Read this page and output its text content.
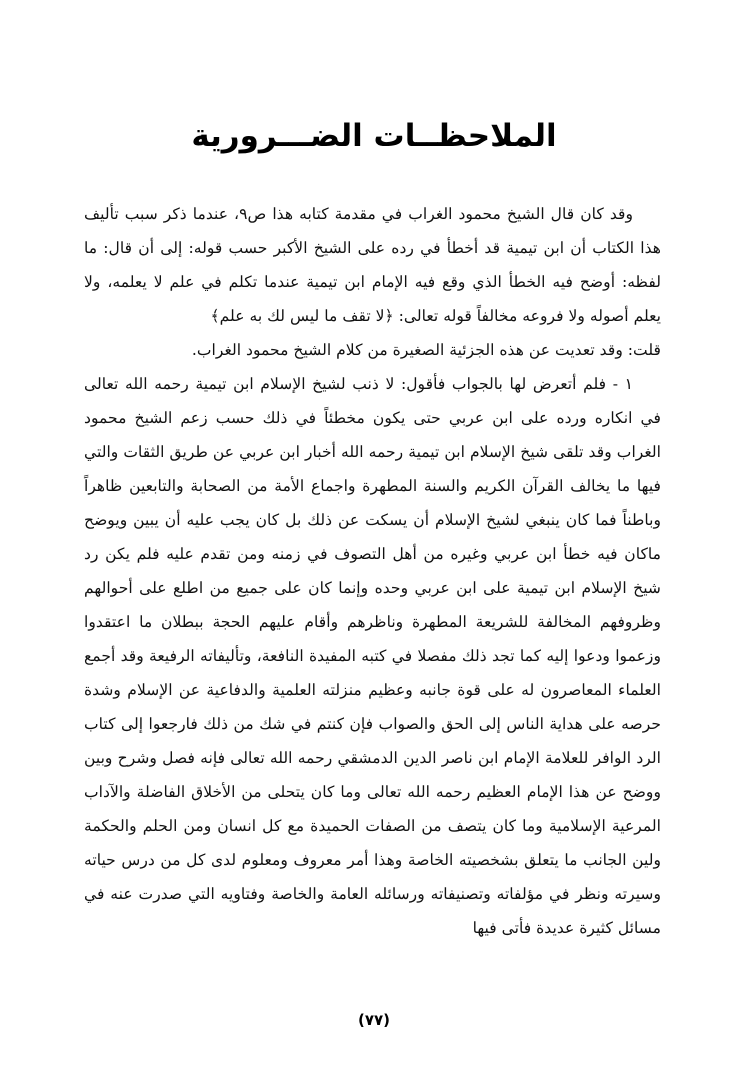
الملاحظــات الضـــرورية

وقد كان قال الشيخ محمود الغراب في مقدمة كتابه هذا ص٩، عندما ذكر سبب تأليف هذا الكتاب أن ابن تيمية قد أخطأ في رده على الشيخ الأكبر حسب قوله: إلى أن قال: ما لفظه: أوضح فيه الخطأ الذي وقع فيه الإمام ابن تيمية عندما تكلم في علم لا يعلمه، ولا يعلم أصوله ولا فروعه مخالفاً قوله تعالى: ﴿لا تقف ما ليس لك به علم﴾

قلت: وقد تعديت عن هذه الجزئية الصغيرة من كلام الشيخ محمود الغراب.

١ - فلم أتعرض لها بالجواب فأقول: لا ذنب لشيخ الإسلام ابن تيمية رحمه الله تعالى في انكاره ورده على ابن عربي حتى يكون مخطئاً في ذلك حسب زعم الشيخ محمود الغراب وقد تلقى شيخ الإسلام ابن تيمية رحمه الله أخبار ابن عربي عن طريق الثقات والتي فيها ما يخالف القرآن الكريم والسنة المطهرة واجماع الأمة من الصحابة والتابعين ظاهراً وباطناً فما كان ينبغي لشيخ الإسلام أن يسكت عن ذلك بل كان يجب عليه أن يبين ويوضح ماكان فيه خطأ ابن عربي وغيره من أهل التصوف في زمنه ومن تقدم عليه فلم يكن رد شيخ الإسلام ابن تيمية على ابن عربي وحده وإنما كان على جميع من اطلع على أحوالهم وظروفهم المخالفة للشريعة المطهرة وناظرهم وأقام عليهم الحجة ببطلان ما اعتقدوا وزعموا ودعوا إليه كما تجد ذلك مفصلا في كتبه المفيدة النافعة، وتأليفاته الرفيعة وقد أجمع العلماء المعاصرون له على قوة جانبه وعظيم منزلته العلمية والدفاعية عن الإسلام وشدة حرصه على هداية الناس إلى الحق والصواب فإن كنتم في شك من ذلك فارجعوا إلى كتاب الرد الوافر للعلامة الإمام ابن ناصر الدين الدمشقي رحمه الله تعالى فإنه فصل وشرح وبين ووضح عن هذا الإمام العظيم رحمه الله تعالى وما كان يتحلى من الأخلاق الفاضلة والآداب المرعية الإسلامية وما كان يتصف من الصفات الحميدة مع كل انسان ومن الحلم والحكمة ولين الجانب ما يتعلق بشخصيته الخاصة وهذا أمر معروف ومعلوم لدى كل من درس حياته وسيرته ونظر في مؤلفاته وتصنيفاته ورسائله العامة والخاصة وفتاويه التي صدرت عنه في مسائل كثيرة عديدة فأتى فيها

(٧٧)
